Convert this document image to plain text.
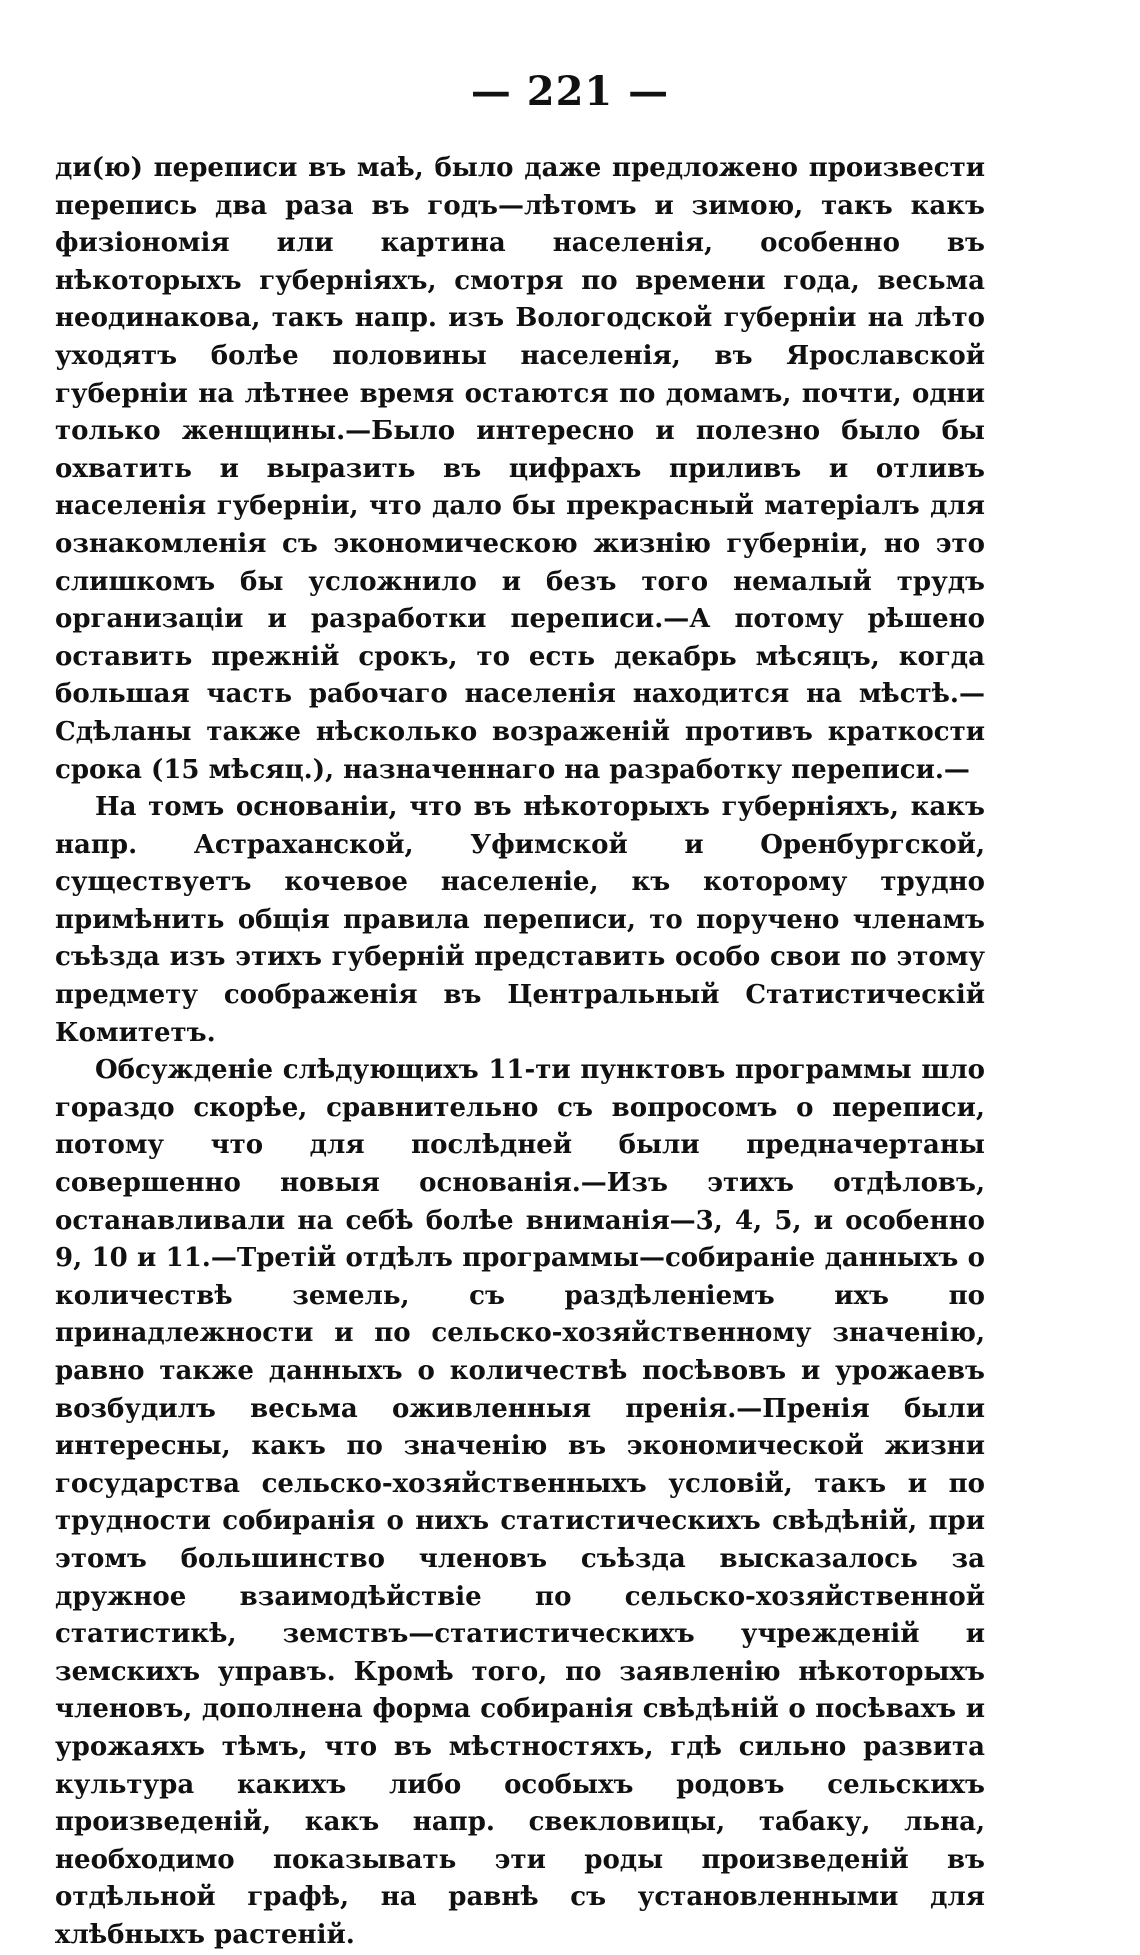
— 221 —

ди(ю) переписи въ маѣ, было даже предложено произвести перепись два раза въ годъ—лѣтомъ и зимою, такъ какъ физіономія или картина населенія, особенно въ нѣкоторыхъ губерніяхъ, смотря по времени года, весьма неодинакова, такъ напр. изъ Вологодской губерніи на лѣто уходятъ болѣе половины населенія, въ Ярославской губерніи на лѣтнее время остаются по домамъ, почти, одни только женщины.—Было интересно и полезно было бы охватить и выразить въ цифрахъ приливъ и отливъ населенія губерніи, что дало бы прекрасный матеріалъ для ознакомленія съ экономическою жизнію губерніи, но это слишкомъ бы усложнило и безъ того немалый трудъ организаціи и разработки переписи.—А потому рѣшено оставить прежній срокъ, то есть декабрь мѣсяцъ, когда большая часть рабочаго населенія находится на мѣстѣ.—Сдѣланы также нѣсколько возраженій противъ краткости срока (15 мѣсяц.), назначеннаго на разработку переписи.—

На томъ основаніи, что въ нѣкоторыхъ губерніяхъ, какъ напр. Астраханской, Уфимской и Оренбургской, существуетъ кочевое населеніе, къ которому трудно примѣнить общія правила переписи, то поручено членамъ съѣзда изъ этихъ губерній представить особо свои по этому предмету соображенія въ Центральный Статистическій Комитетъ.

Обсужденіе слѣдующихъ 11-ти пунктовъ программы шло гораздо скорѣе, сравнительно съ вопросомъ о переписи, потому что для послѣдней были предначертаны совершенно новыя основанія.—Изъ этихъ отдѣловъ, останавливали на себѣ болѣе вниманія—3, 4, 5, и особенно 9, 10 и 11.—Третій отдѣлъ программы—собираніе данныхъ о количествѣ земель, съ раздѣленіемъ ихъ по принадлежности и по сельско-хозяйственному значенію, равно также данныхъ о количествѣ посѣвовъ и урожаевъ возбудилъ весьма оживленныя пренія.—Пренія были интересны, какъ по значенію въ экономической жизни государства сельско-хозяйственныхъ условій, такъ и по трудности собиранія о нихъ статистическихъ свѣдѣній, при этомъ большинство членовъ съѣзда высказалось за дружное взаимодѣйствіе по сельско-хозяйственной статистикѣ, земствъ—статистическихъ учрежденій и земскихъ управъ. Кромѣ того, по заявленію нѣкоторыхъ членовъ, дополнена форма собиранія свѣдѣній о посѣвахъ и урожаяхъ тѣмъ, что въ мѣстностяхъ, гдѣ сильно развита культура какихъ либо особыхъ родовъ сельскихъ произведеній, какъ напр. свекловицы, табаку, льна, необходимо показывать эти роды произведеній въ отдѣльной графѣ, на равнѣ съ установленными для хлѣбныхъ растеній.
